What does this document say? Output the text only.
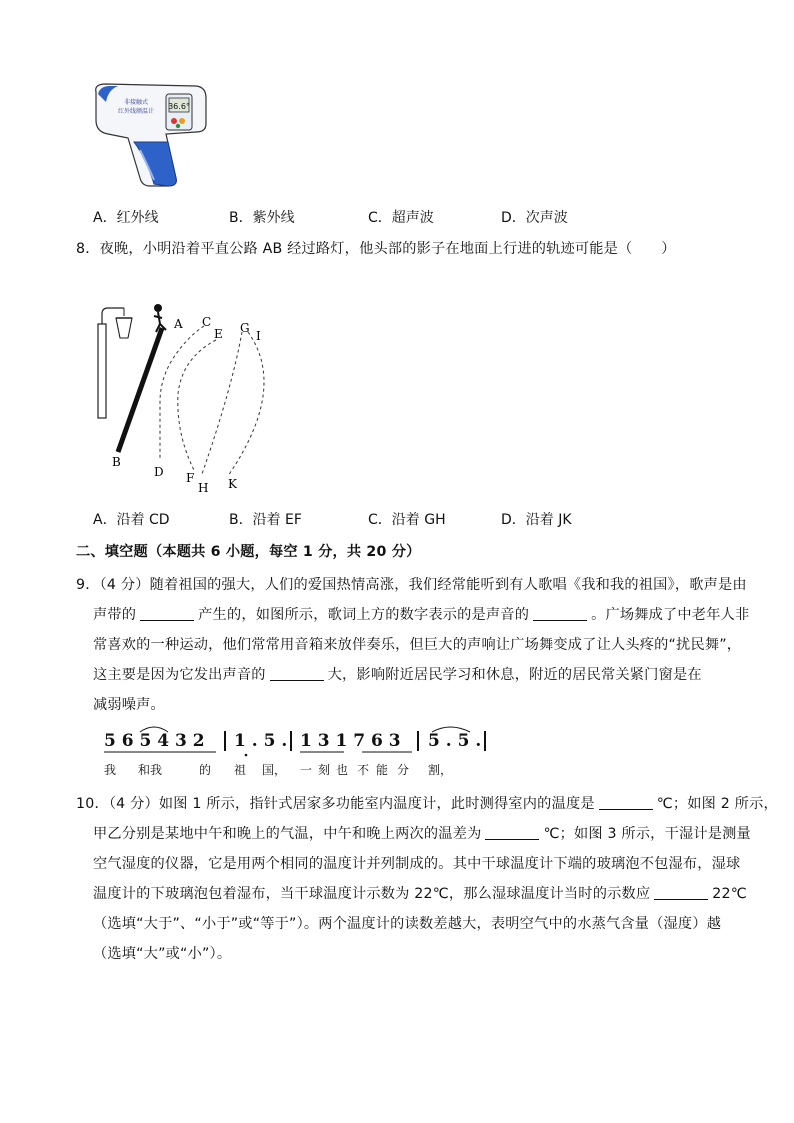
36.6°
非接触式
红外线额温计
A．红外线	B．紫外线	C．超声波	D．次声波
8．夜晚，小明沿着平直公路 AB 经过路灯，他头部的影子在地面上行进的轨迹可能是（　　）
A C
E G
I
B
D F
H K
A．沿着 CD	B．沿着 EF	C．沿着 GH	D．沿着 JK
二、填空题（本题共 6 小题，每空 1 分，共 20 分）
9．（4 分）随着祖国的强大，人们的爱国热情高涨，我们经常能听到有人歌唱《我和我的祖国》，歌声是由
声带的	产生的，如图所示，歌词上方的数字表示的是声音的	。广场舞成了中老年人非
常喜欢的一种运动，他们常常用音箱来放伴奏乐，但巨大的声响让广场舞变成了让人头疼的“扰民舞”，
这主要是因为它发出声音的	大，影响附近居民学习和休息，附近的居民常关紧门窗是在
减弱噪声。
5 6 5 4 3 2 1 . 5 . 1 3 1 7 6 3 5 . 5 .
我 和我	的 祖 国， 一 刻 也 不 能 分 割，
10．（4 分）如图 1 所示，指针式居家多功能室内温度计，此时测得室内的温度是	℃；如图 2 所示，
甲乙分别是某地中午和晚上的气温，中午和晚上两次的温差为	℃；如图 3 所示，干湿计是测量
空气湿度的仪器，它是用两个相同的温度计并列制成的。其中干球温度计下端的玻璃泡不包湿布，湿球
温度计的下玻璃泡包着湿布，当干球温度计示数为 22℃，那么湿球温度计当时的示数应	22℃
（选填“大于”、“小于”或“等于”）。两个温度计的读数差越大，表明空气中的水蒸气含量（湿度）越
（选填“大”或“小”）。
